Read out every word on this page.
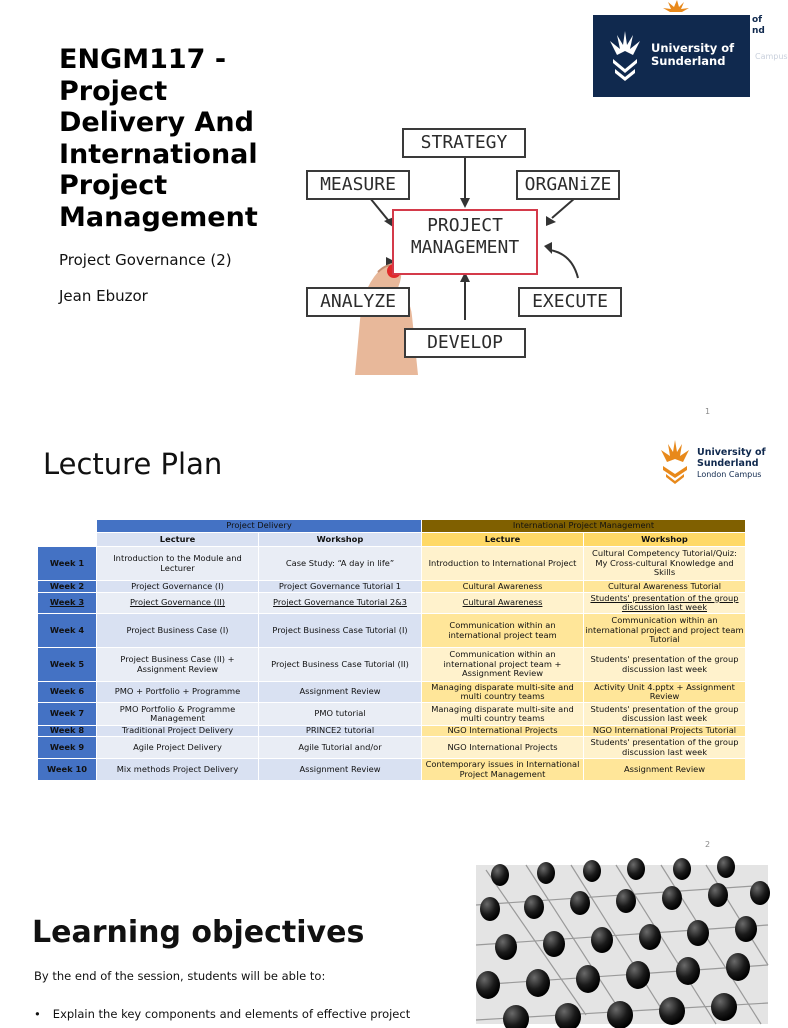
ENGM117 - Project Delivery And International Project Management
Project Governance (2)
Jean Ebuzor
University of
Sunderland
of
nd
Campus
STRATEGY
MEASURE	ORGANiZE
PROJECT
MANAGEMENT
ANALYZE	EXECUTE
DEVELOP
1
Lecture Plan	University of
Sunderland
London Campus
	Project Delivery		International Project Management	
	Lecture	Workshop	Lecture	Workshop
Week 1	Introduction to the Module and Lecturer	Case Study: “A day in life”	Introduction to International Project	Cultural Competency Tutorial/Quiz: My Cross-cultural Knowledge and Skills
Week 2	Project Governance (I)	Project Governance Tutorial 1	Cultural Awareness	Cultural Awareness Tutorial
Week 3	Project Governance (II)	Project Governance Tutorial 2&3	Cultural Awareness	Students' presentation of the group discussion last week
Week 4	Project Business Case (I)	Project Business Case Tutorial (I)	Communication within an international project team	Communication within an international project and project team Tutorial
Week 5	Project Business Case (II) + Assignment Review	Project Business Case Tutorial (II)	Communication within an international project team + Assignment Review	Students' presentation of the group discussion last week
Week 6	PMO + Portfolio + Programme	Assignment Review	Managing disparate multi-site and multi country teams	Activity Unit 4.pptx + Assignment Review
Week 7	PMO Portfolio & Programme Management	PMO tutorial	Managing disparate multi-site and multi country teams	Students' presentation of the group discussion last week
Week 8	Traditional Project Delivery	PRINCE2 tutorial	NGO International Projects	NGO International Projects Tutorial
Week 9	Agile Project Delivery	Agile Tutorial and/or	NGO International Projects	Students' presentation of the group discussion last week
Week 10	Mix methods Project Delivery	Assignment Review	Contemporary issues in International Project Management	Assignment Review
2
Learning objectives
By the end of the session, students will be able to:
• Explain the key components and elements of effective project
